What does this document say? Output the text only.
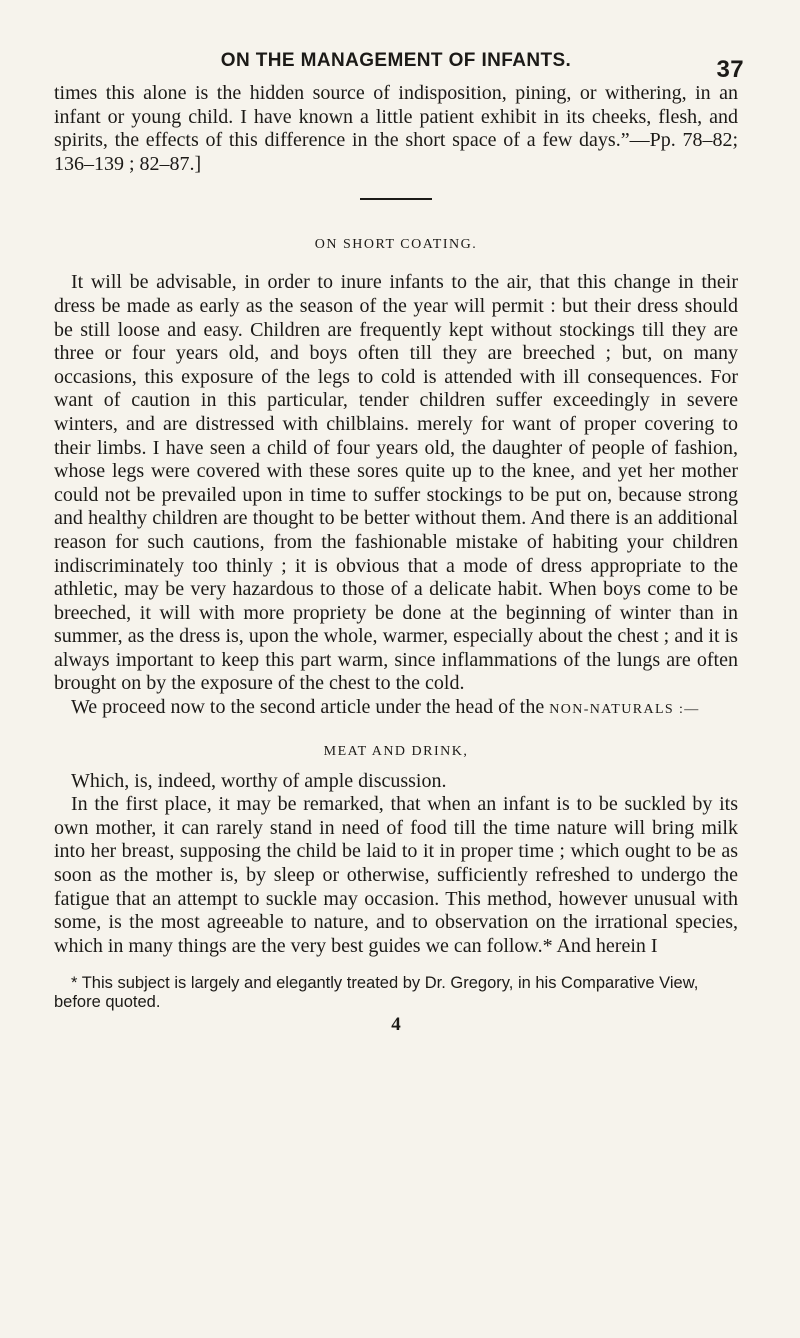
ON THE MANAGEMENT OF INFANTS.	37

times this alone is the hidden source of indisposition, pining, or withering, in an infant or young child. I have known a little patient exhibit in its cheeks, flesh, and spirits, the effects of this difference in the short space of a few days.”—Pp. 78–82; 136–139 ; 82–87.]

ON SHORT COATING.

It will be advisable, in order to inure infants to the air, that this change in their dress be made as early as the season of the year will permit : but their dress should be still loose and easy. Children are frequently kept without stockings till they are three or four years old, and boys often till they are breeched ; but, on many occasions, this exposure of the legs to cold is attended with ill consequences. For want of caution in this particular, tender children suffer exceedingly in severe winters, and are distressed with chilblains. merely for want of proper covering to their limbs. I have seen a child of four years old, the daughter of people of fashion, whose legs were covered with these sores quite up to the knee, and yet her mother could not be prevailed upon in time to suffer stockings to be put on, because strong and healthy children are thought to be better without them. And there is an additional reason for such cautions, from the fashionable mistake of habiting your children indiscriminately too thinly ; it is obvious that a mode of dress appropriate to the athletic, may be very hazardous to those of a delicate habit. When boys come to be breeched, it will with more propriety be done at the beginning of winter than in summer, as the dress is, upon the whole, warmer, especially about the chest ; and it is always important to keep this part warm, since inflammations of the lungs are often brought on by the exposure of the chest to the cold.

We proceed now to the second article under the head of the NON-NATURALS :—

MEAT AND DRINK,

Which, is, indeed, worthy of ample discussion.

In the first place, it may be remarked, that when an infant is to be suckled by its own mother, it can rarely stand in need of food till the time nature will bring milk into her breast, supposing the child be laid to it in proper time ; which ought to be as soon as the mother is, by sleep or otherwise, sufficiently refreshed to undergo the fatigue that an attempt to suckle may occasion. This method, however unusual with some, is the most agreeable to nature, and to observation on the irrational species, which in many things are the very best guides we can follow.* And herein I

* This subject is largely and elegantly treated by Dr. Gregory, in his Comparative View, before quoted.

4
